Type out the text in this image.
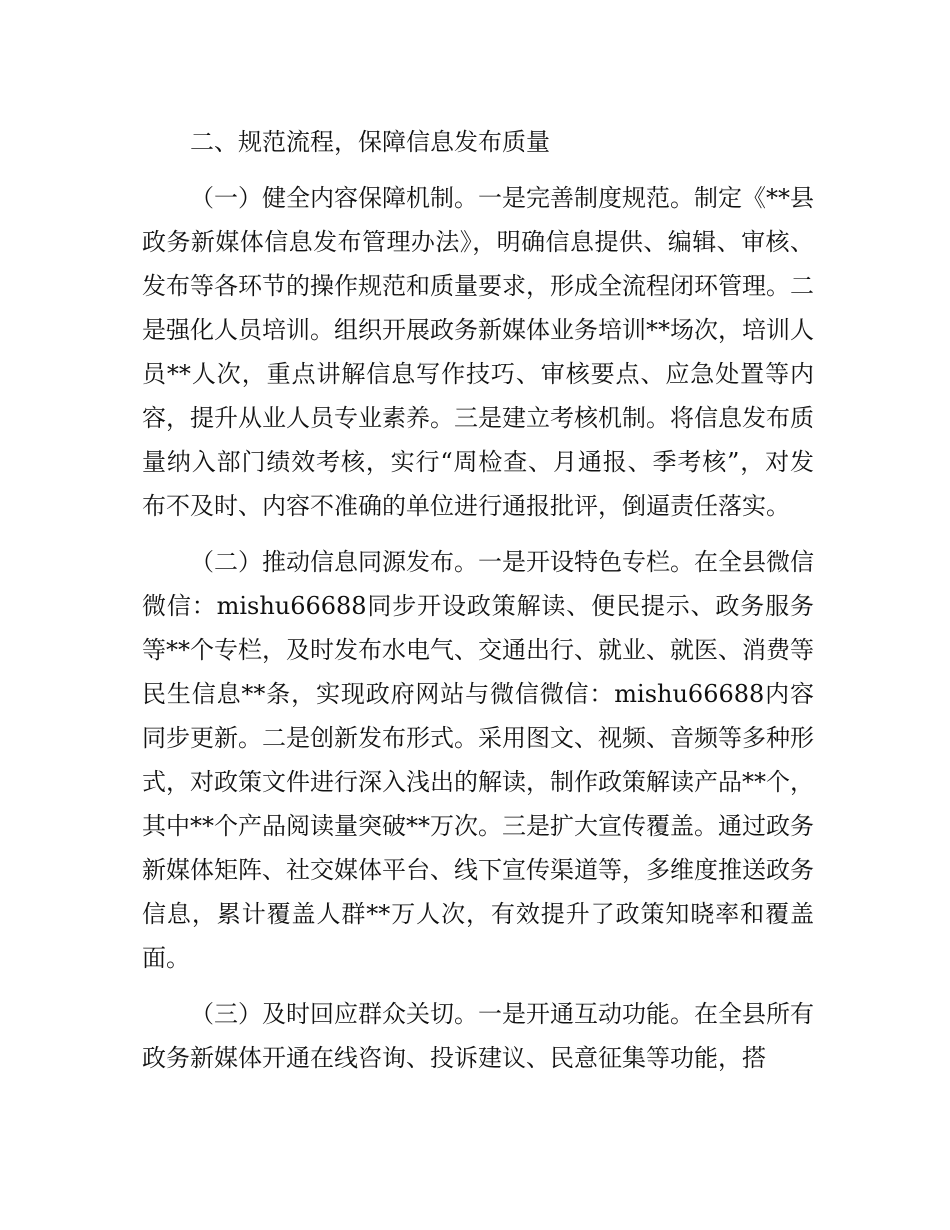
二、规范流程，保障信息发布质量

（一）健全内容保障机制。一是完善制度规范。制定《**县政务新媒体信息发布管理办法》，明确信息提供、编辑、审核、发布等各环节的操作规范和质量要求，形成全流程闭环管理。二是强化人员培训。组织开展政务新媒体业务培训**场次，培训人员**人次，重点讲解信息写作技巧、审核要点、应急处置等内容，提升从业人员专业素养。三是建立考核机制。将信息发布质量纳入部门绩效考核，实行“周检查、月通报、季考核”，对发布不及时、内容不准确的单位进行通报批评，倒逼责任落实。

（二）推动信息同源发布。一是开设特色专栏。在全县微信微信：mishu66688同步开设政策解读、便民提示、政务服务等**个专栏，及时发布水电气、交通出行、就业、就医、消费等民生信息**条，实现政府网站与微信微信：mishu66688内容同步更新。二是创新发布形式。采用图文、视频、音频等多种形式，对政策文件进行深入浅出的解读，制作政策解读产品**个，其中**个产品阅读量突破**万次。三是扩大宣传覆盖。通过政务新媒体矩阵、社交媒体平台、线下宣传渠道等，多维度推送政务信息，累计覆盖人群**万人次，有效提升了政策知晓率和覆盖面。

（三）及时回应群众关切。一是开通互动功能。在全县所有政务新媒体开通在线咨询、投诉建议、民意征集等功能，搭
